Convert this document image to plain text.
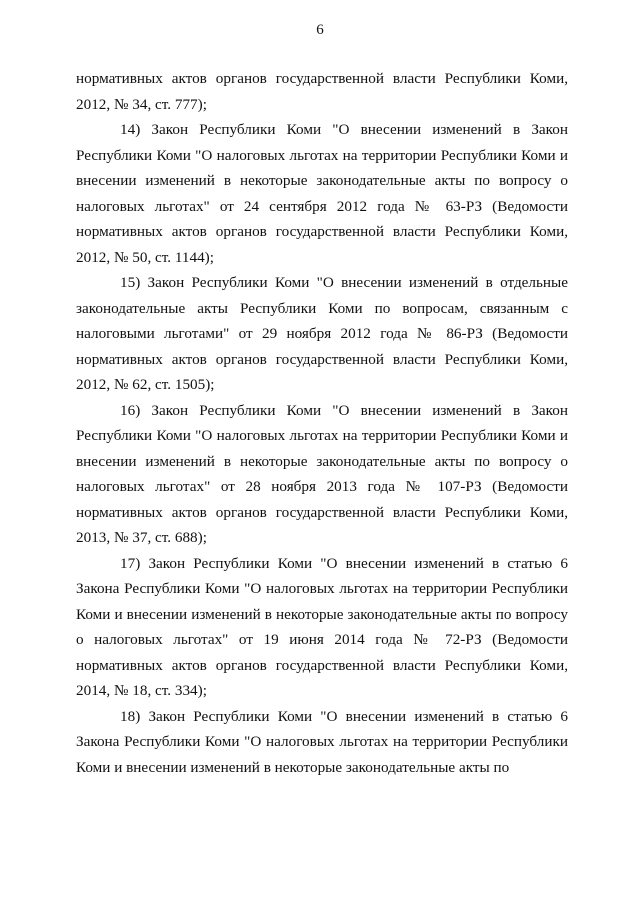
6

нормативных актов органов государственной власти Республики Коми, 2012, № 34, ст. 777);

14) Закон Республики Коми "О внесении изменений в Закон Республики Коми "О налоговых льготах на территории Республики Коми и внесении изменений в некоторые законодательные акты по вопросу о налоговых льготах" от 24 сентября 2012 года № 63-РЗ (Ведомости нормативных актов органов государственной власти Республики Коми, 2012, № 50, ст. 1144);

15) Закон Республики Коми "О внесении изменений в отдельные законодательные акты Республики Коми по вопросам, связанным с налоговыми льготами" от 29 ноября 2012 года № 86-РЗ (Ведомости нормативных актов органов государственной власти Республики Коми, 2012, № 62, ст. 1505);

16) Закон Республики Коми "О внесении изменений в Закон Республики Коми "О налоговых льготах на территории Республики Коми и внесении изменений в некоторые законодательные акты по вопросу о налоговых льготах" от 28 ноября 2013 года № 107-РЗ (Ведомости нормативных актов органов государственной власти Республики Коми, 2013, № 37, ст. 688);

17) Закон Республики Коми "О внесении изменений в статью 6 Закона Республики Коми "О налоговых льготах на территории Республики Коми и внесении изменений в некоторые законодательные акты по вопросу о налоговых льготах" от 19 июня 2014 года № 72-РЗ (Ведомости нормативных актов органов государственной власти Республики Коми, 2014, № 18, ст. 334);

18) Закон Республики Коми "О внесении изменений в статью 6 Закона Республики Коми "О налоговых льготах на территории Республики Коми и внесении изменений в некоторые законодательные акты по
